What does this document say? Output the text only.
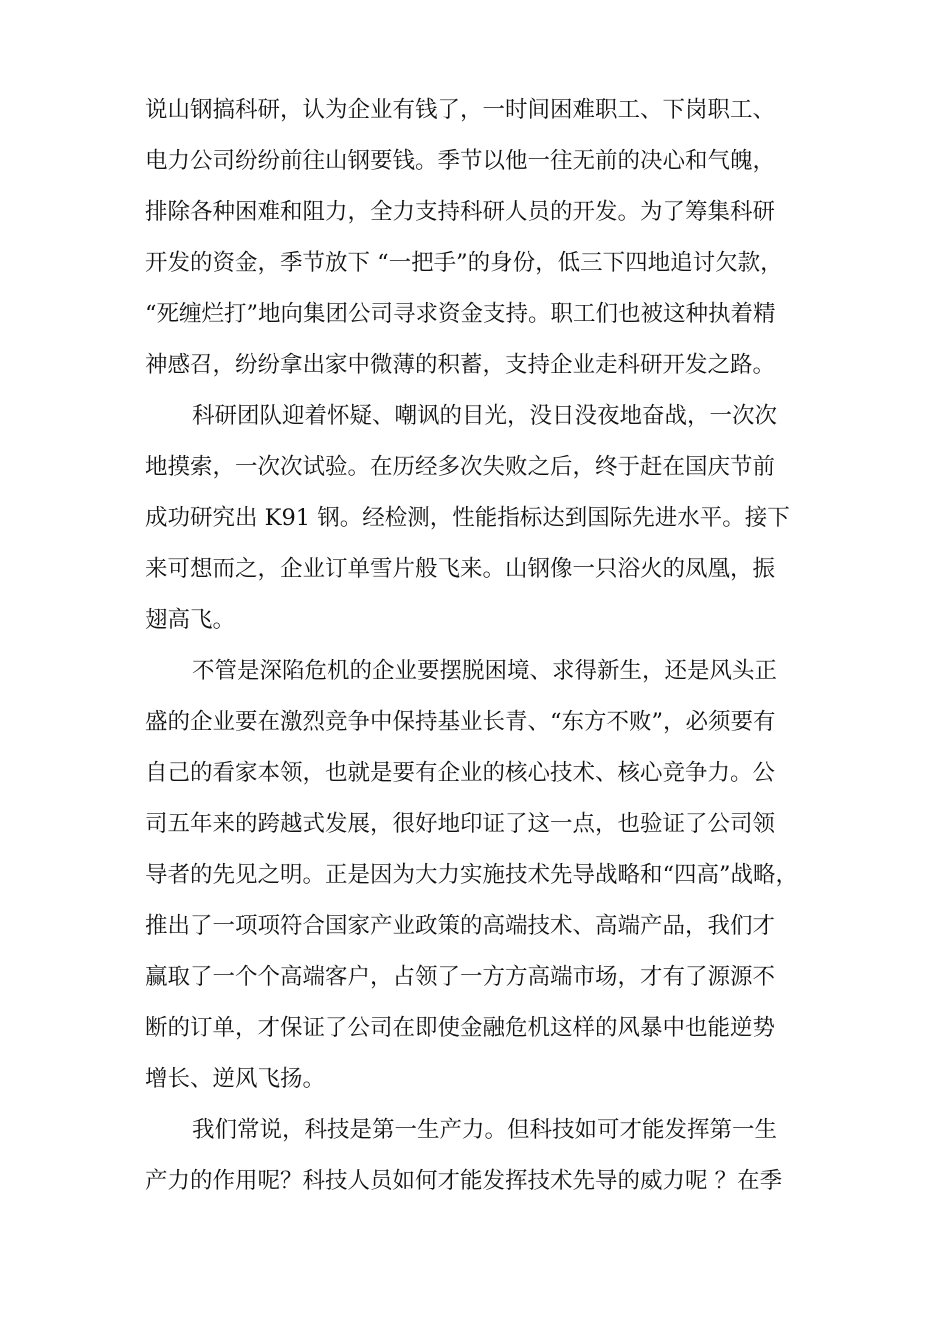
说山钢搞科研，认为企业有钱了，一时间困难职工、下岗职工、
电力公司纷纷前往山钢要钱。季节以他一往无前的决心和气魄，
排除各种困难和阻力，全力支持科研人员的开发。为了筹集科研
开发的资金，季节放下 “一把手”的身份，低三下四地追讨欠款，
“死缠烂打”地向集团公司寻求资金支持。职工们也被这种执着精
神感召，纷纷拿出家中微薄的积蓄，支持企业走科研开发之路。
科研团队迎着怀疑、嘲讽的目光，没日没夜地奋战，一次次
地摸索，一次次试验。在历经多次失败之后，终于赶在国庆节前
成功研究出 K91 钢。经检测，性能指标达到国际先进水平。接下
来可想而之，企业订单雪片般飞来。山钢像一只浴火的凤凰，振
翅高飞。
不管是深陷危机的企业要摆脱困境、求得新生，还是风头正
盛的企业要在激烈竞争中保持基业长青、“东方不败”，必须要有
自己的看家本领，也就是要有企业的核心技术、核心竞争力。公
司五年来的跨越式发展，很好地印证了这一点，也验证了公司领
导者的先见之明。正是因为大力实施技术先导战略和“四高”战略，
推出了一项项符合国家产业政策的高端技术、高端产品，我们才
赢取了一个个高端客户，占领了一方方高端市场，才有了源源不
断的订单，才保证了公司在即使金融危机这样的风暴中也能逆势
增长、逆风飞扬。
我们常说，科技是第一生产力。但科技如可才能发挥第一生
产力的作用呢？科技人员如何才能发挥技术先导的威力呢 ？在季
